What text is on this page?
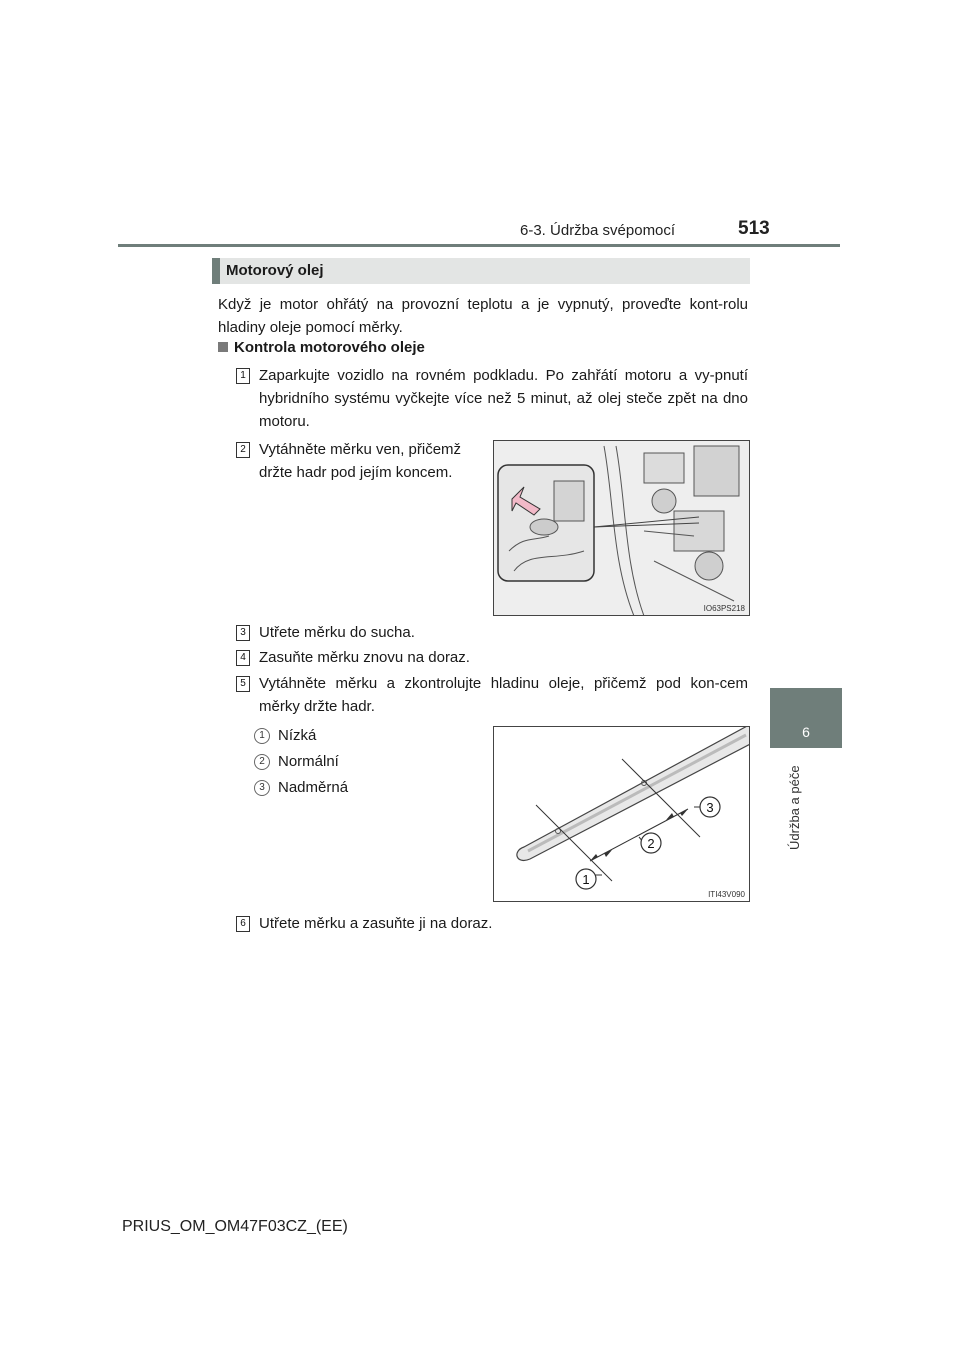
6-3. Údržba svépomocí	513
6
Údržba a péče
Motorový olej
Když je motor ohřátý na provozní teplotu a je vypnutý, proveďte kont-rolu hladiny oleje pomocí měrky.
Kontrola motorového oleje
1 Zaparkujte vozidlo na rovném podkladu. Po zahřátí motoru a vy-pnutí hybridního systému vyčkejte více než 5 minut, až olej steče zpět na dno motoru.
2 Vytáhněte měrku ven, přičemž držte hadr pod jejím koncem.
IO63PS218
3 Utřete měrku do sucha.
4 Zasuňte měrku znovu na doraz.
5 Vytáhněte měrku a zkontrolujte hladinu oleje, přičemž pod kon-cem měrky držte hadr.
1 Nízká
2 Normální
3 Nadměrná
1
2
3
ITI43V090
6 Utřete měrku a zasuňte ji na doraz.
PRIUS_OM_OM47F03CZ_(EE)
